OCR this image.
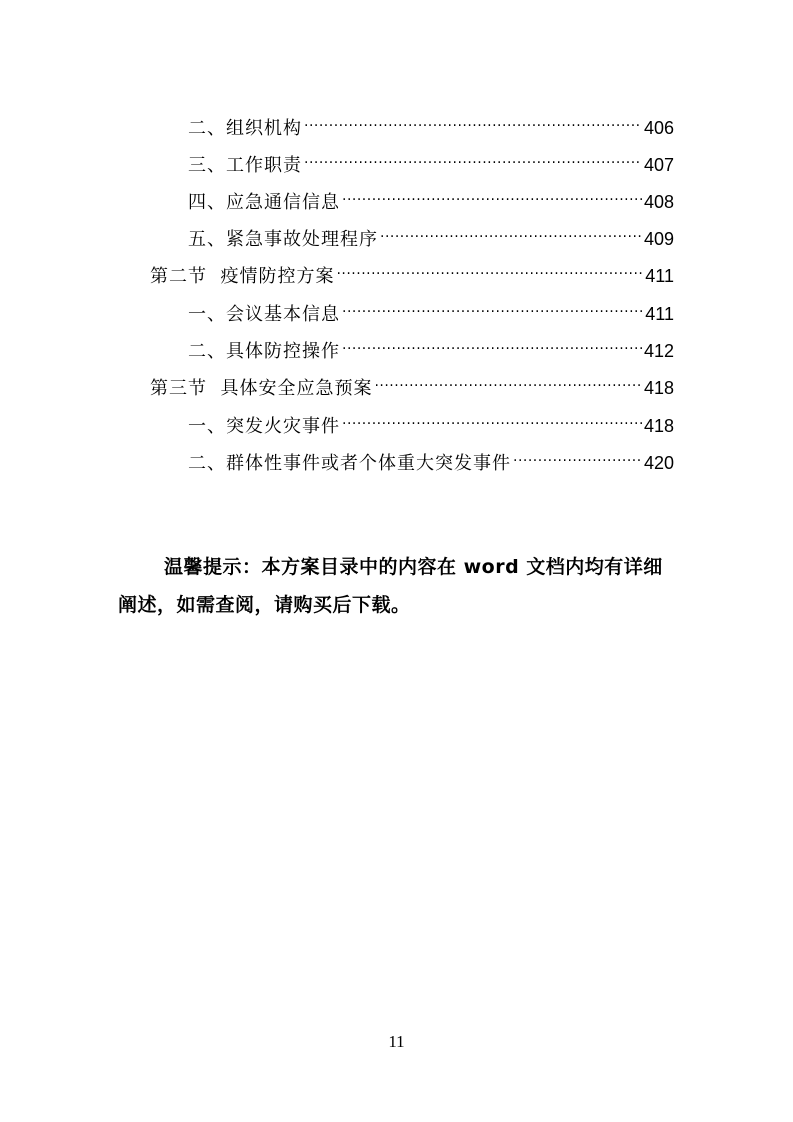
二、组织机构 .....	406
三、工作职责 .....	407
四、应急通信信息 .....	408
五、紧急事故处理程序 .....	409
第二节  疫情防控方案 .....	411
一、会议基本信息 .....	411
二、具体防控操作 .....	412
第三节  具体安全应急预案 .....	418
一、突发火灾事件 .....	418
二、群体性事件或者个体重大突发事件 .....	420
温馨提示：本方案目录中的内容在 word 文档内均有详细阐述，如需查阅，请购买后下载。
11
